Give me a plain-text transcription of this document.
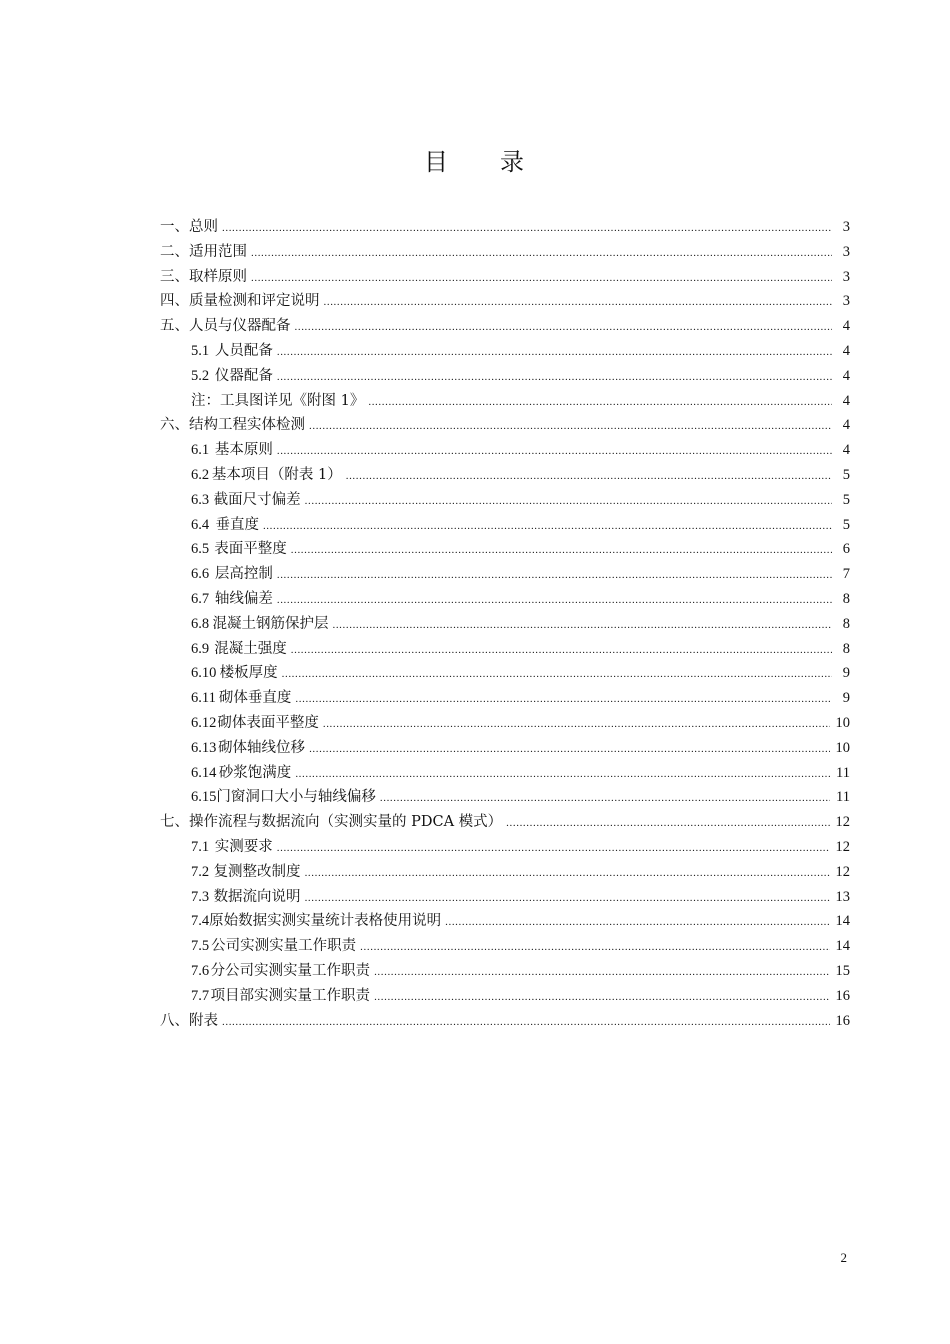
目 录
一、总则 .....	3
二、适用范围 .....	3
三、取样原则 .....	3
四、质量检测和评定说明 .....	3
五、人员与仪器配备 .....	4
5.1 人员配备 .....	4
5.2 仪器配备 .....	4
注：工具图详见《附图 1》 .....	4
六、结构工程实体检测 .....	4
6.1 基本原则 .....	4
6.2 基本项目（附表 1） .....	5
6.3 截面尺寸偏差 .....	5
6.4 垂直度 .....	5
6.5 表面平整度 .....	6
6.6 层高控制 .....	7
6.7 轴线偏差 .....	8
6.8 混凝土钢筋保护层 .....	8
6.9 混凝土强度 .....	8
6.10 楼板厚度 .....	9
6.11 砌体垂直度 .....	9
6.12 砌体表面平整度 .....	10
6.13 砌体轴线位移 .....	10
6.14 砂浆饱满度 .....	11
6.15 门窗洞口大小与轴线偏移 .....	11
七、操作流程与数据流向（实测实量的 PDCA 模式） .....	12
7.1 实测要求 .....	12
7.2 复测整改制度 .....	12
7.3 数据流向说明 .....	13
7.4 原始数据实测实量统计表格使用说明 .....	14
7.5 公司实测实量工作职责 .....	14
7.6 分公司实测实量工作职责 .....	15
7.7 项目部实测实量工作职责 .....	16
八、附表 .....	16
2
